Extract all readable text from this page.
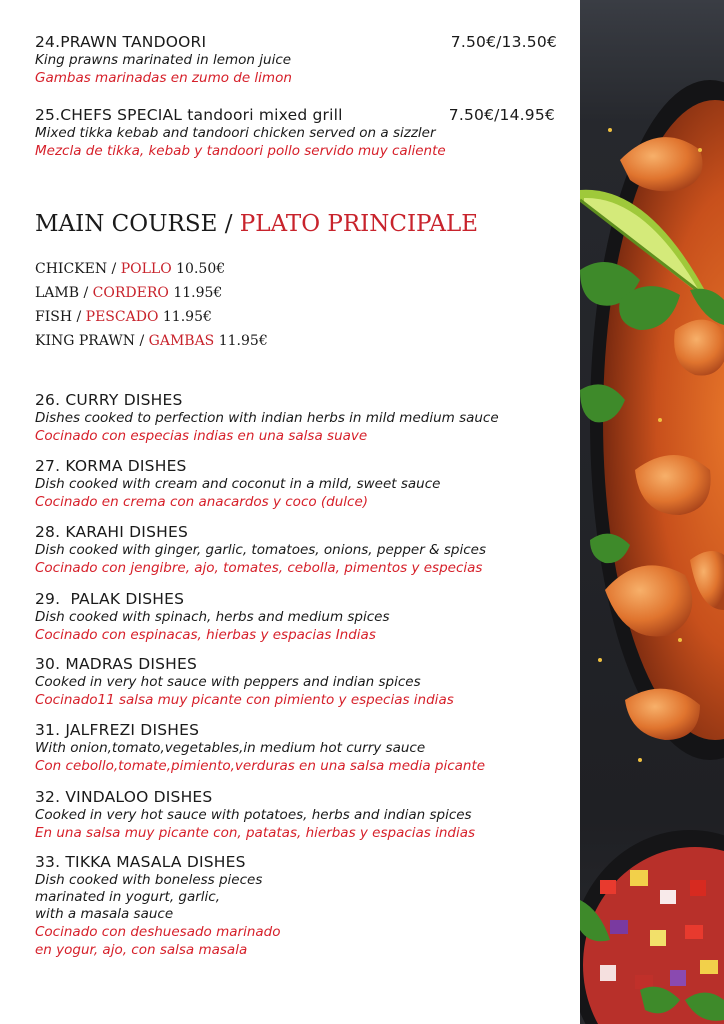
24.PRAWN TANDOORI	7.50€/13.50€
King prawns marinated in lemon juice
Gambas marinadas en zumo de limon
25.CHEFS SPECIAL tandoori mixed grill	7.50€/14.95€
Mixed tikka kebab and tandoori chicken served on a sizzler
Mezcla de tikka, kebab y tandoori pollo servido muy caliente
MAIN COURSE / PLATO PRINCIPALE
CHICKEN / POLLO 10.50€
LAMB / CORDERO 11.95€
FISH / PESCADO 11.95€
KING PRAWN / GAMBAS 11.95€
26. CURRY DISHES
Dishes cooked to perfection with indian herbs in mild medium sauce
Cocinado con especias indias en una salsa suave
27. KORMA DISHES
Dish cooked with cream and coconut in a mild, sweet sauce
Cocinado en crema con anacardos y coco (dulce)
28. KARAHI DISHES
Dish cooked with ginger, garlic, tomatoes, onions, pepper & spices
Cocinado con jengibre, ajo, tomates, cebolla, pimentos y especias
29.  PALAK DISHES
Dish cooked with spinach, herbs and medium spices
Cocinado con espinacas, hierbas y espacias Indias
30. MADRAS DISHES
Cooked in very hot sauce with peppers and indian spices
Cocinado11 salsa muy picante con pimiento y especias indias
31. JALFREZI DISHES
With onion,tomato,vegetables,in medium hot curry sauce
Con cebollo,tomate,pimiento,verduras en una salsa media picante
32. VINDALOO DISHES
Cooked in very hot sauce with potatoes, herbs and indian spices
En una salsa muy picante con, patatas, hierbas y espacias indias
33. TIKKA MASALA DISHES
Dish cooked with boneless pieces
marinated in yogurt, garlic,
with a masala sauce
Cocinado con deshuesado marinado
en yogur, ajo, con salsa masala
